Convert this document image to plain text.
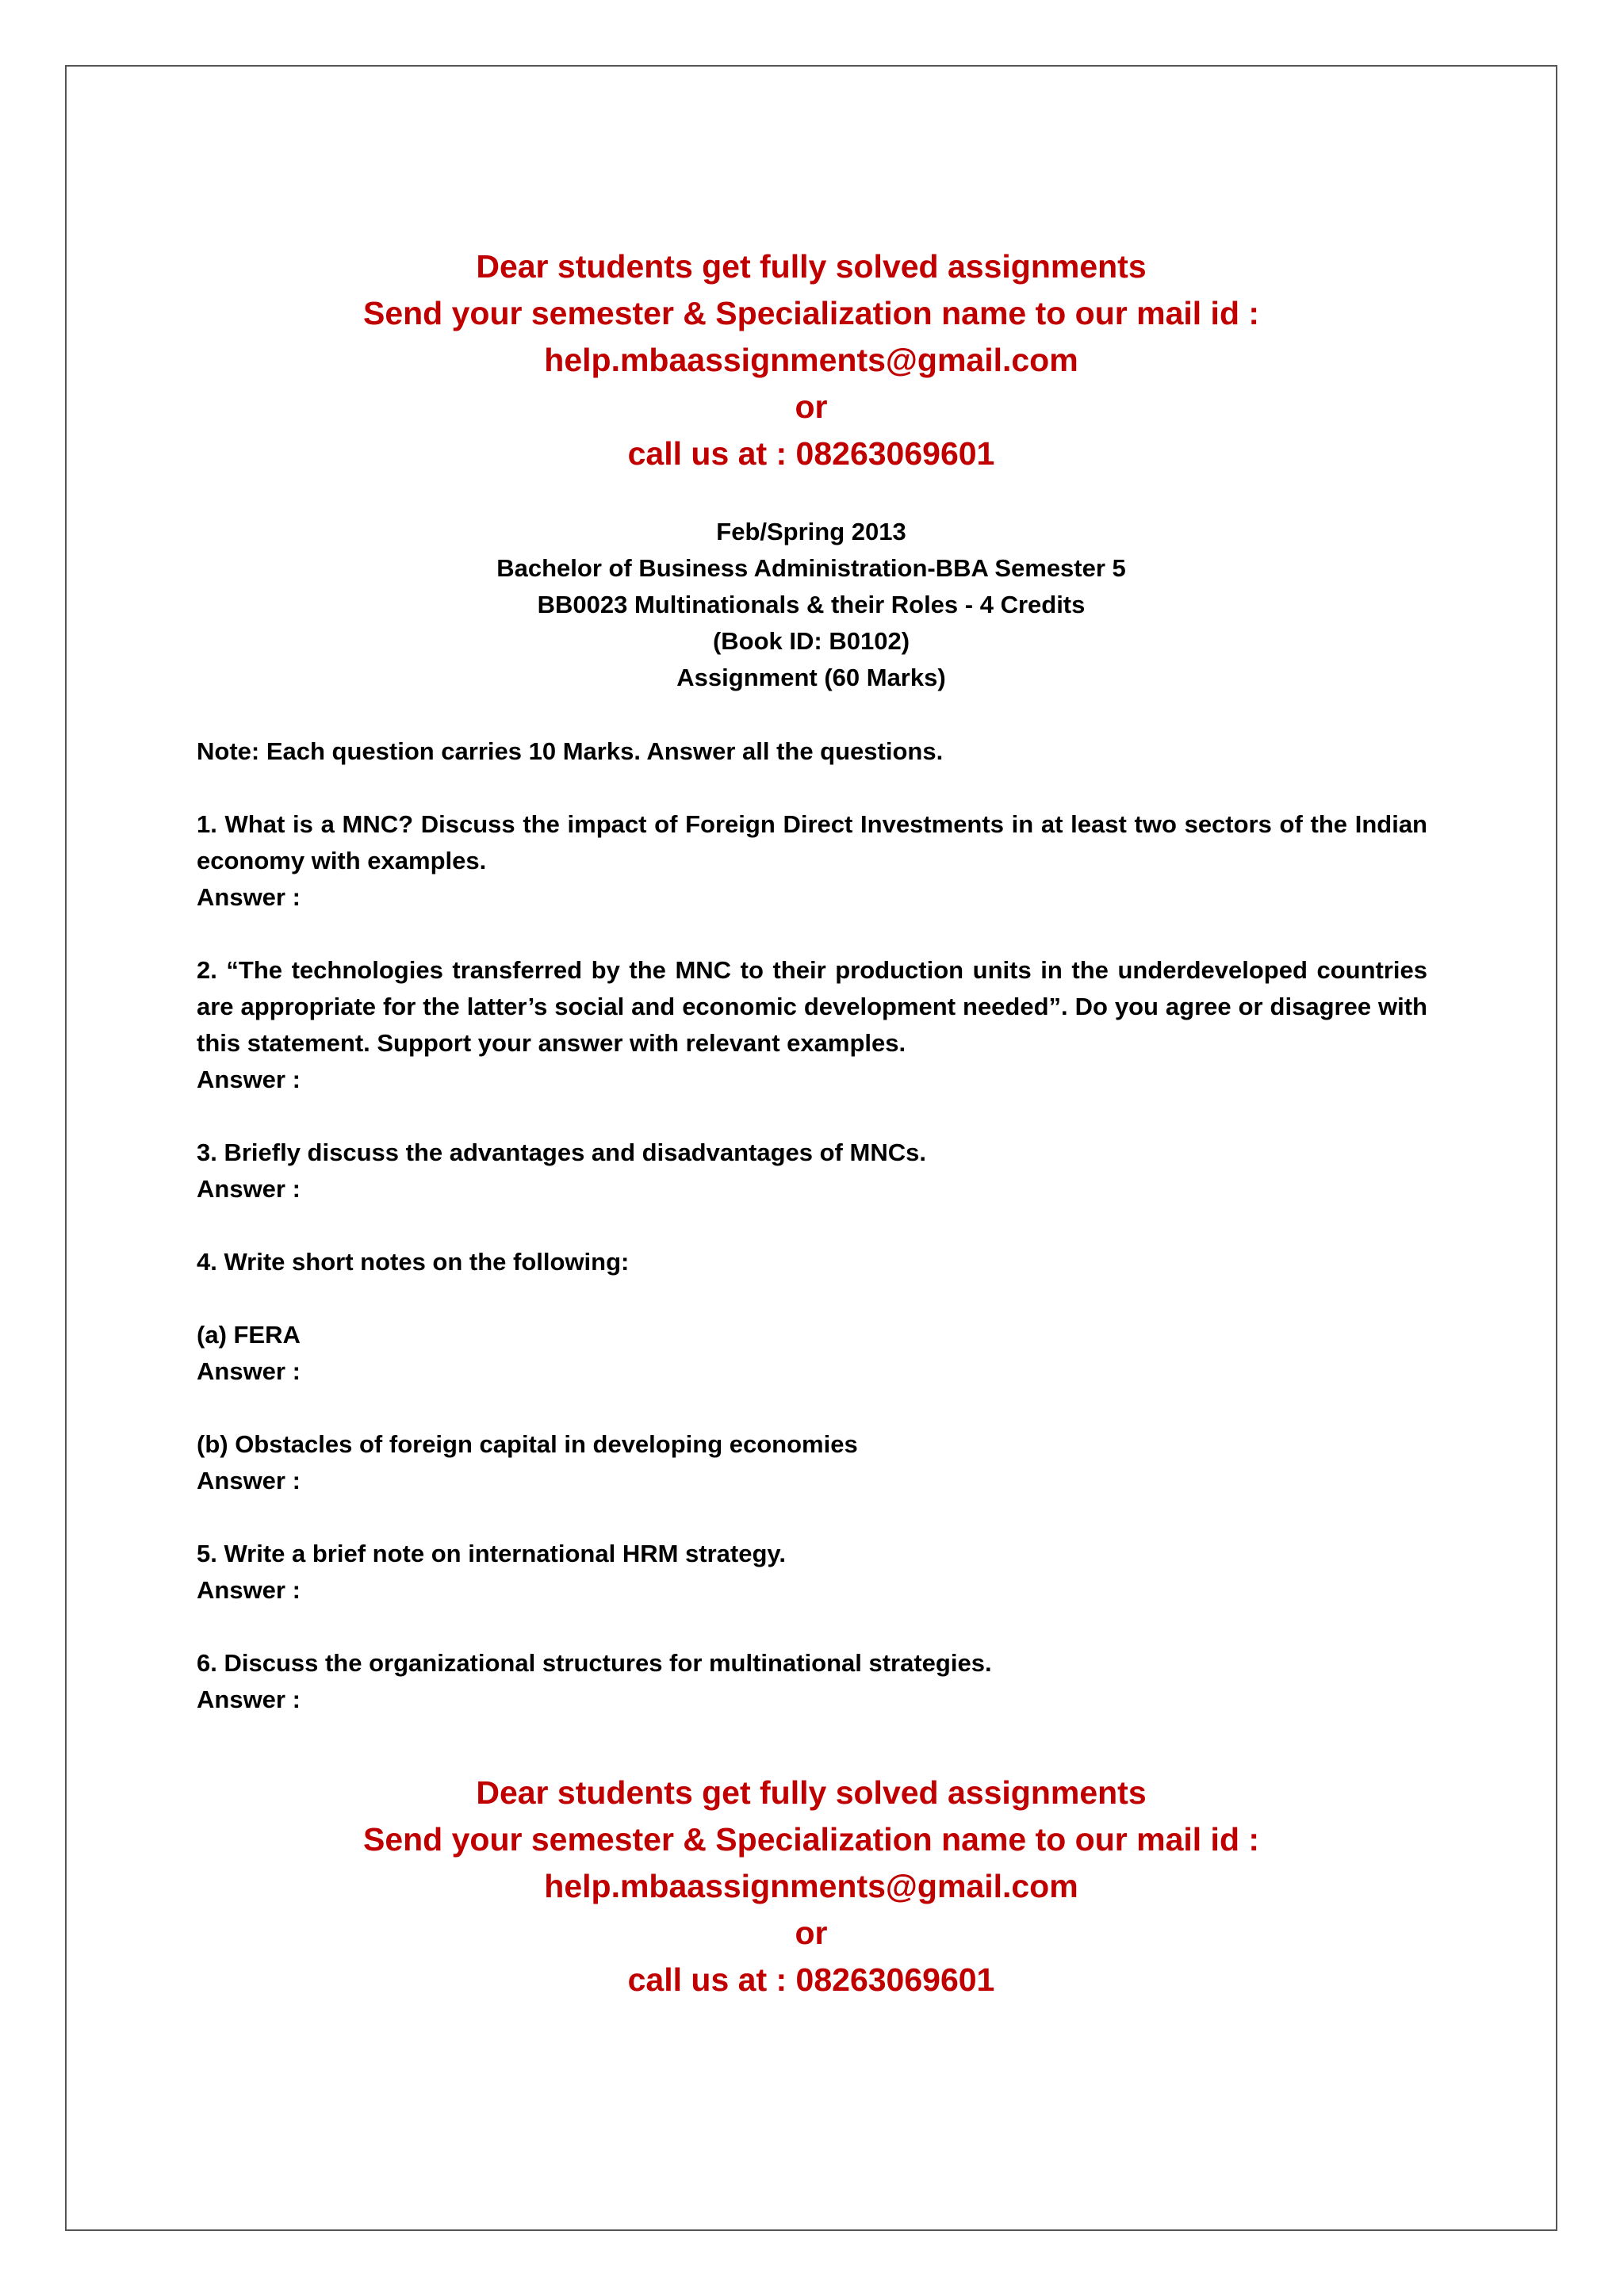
Dear students get fully solved assignments
Send your semester & Specialization name to our mail id :
help.mbaassignments@gmail.com
or
call us at : 08263069601
Feb/Spring 2013
Bachelor of Business Administration-BBA Semester 5
BB0023 Multinationals & their Roles - 4 Credits
(Book ID: B0102)
Assignment (60 Marks)
Note: Each question carries 10 Marks. Answer all the questions.
1. What is a MNC? Discuss the impact of Foreign Direct Investments in at least two sectors of the Indian economy with examples.
Answer :
2. “The technologies transferred by the MNC to their production units in the underdeveloped countries are appropriate for the latter’s social and economic development needed”. Do you agree or disagree with this statement. Support your answer with relevant examples.
Answer :
3. Briefly discuss the advantages and disadvantages of MNCs.
Answer :
4. Write short notes on the following:
(a) FERA
Answer :
(b) Obstacles of foreign capital in developing economies
Answer :
5. Write a brief note on international HRM strategy.
Answer :
6. Discuss the organizational structures for multinational strategies.
Answer :
Dear students get fully solved assignments
Send your semester & Specialization name to our mail id :
help.mbaassignments@gmail.com
or
call us at : 08263069601
